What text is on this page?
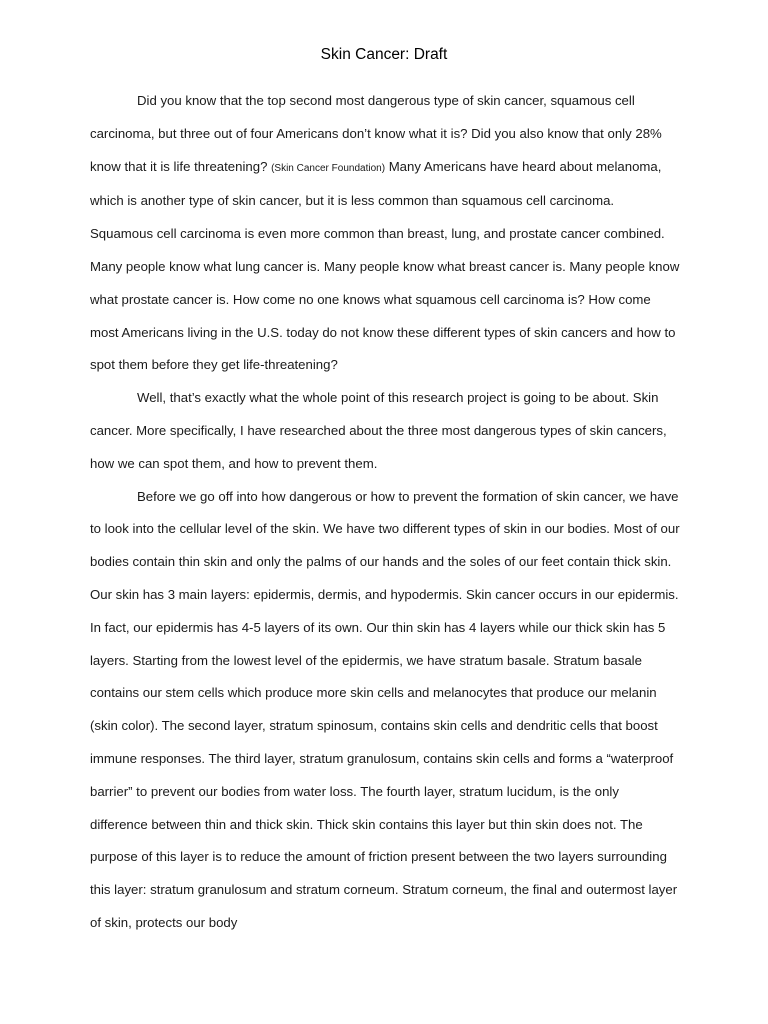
Skin Cancer: Draft

Did you know that the top second most dangerous type of skin cancer, squamous cell carcinoma, but three out of four Americans don’t know what it is? Did you also know that only 28% know that it is life threatening? (Skin Cancer Foundation) Many Americans have heard about melanoma, which is another type of skin cancer, but it is less common than squamous cell carcinoma. Squamous cell carcinoma is even more common than breast, lung, and prostate cancer combined. Many people know what lung cancer is. Many people know what breast cancer is. Many people know what prostate cancer is. How come no one knows what squamous cell carcinoma is? How come most Americans living in the U.S. today do not know these different types of skin cancers and how to spot them before they get life-threatening?

Well, that’s exactly what the whole point of this research project is going to be about. Skin cancer. More specifically, I have researched about the three most dangerous types of skin cancers, how we can spot them, and how to prevent them.

Before we go off into how dangerous or how to prevent the formation of skin cancer, we have to look into the cellular level of the skin. We have two different types of skin in our bodies. Most of our bodies contain thin skin and only the palms of our hands and the soles of our feet contain thick skin. Our skin has 3 main layers: epidermis, dermis, and hypodermis. Skin cancer occurs in our epidermis. In fact, our epidermis has 4-5 layers of its own. Our thin skin has 4 layers while our thick skin has 5 layers. Starting from the lowest level of the epidermis, we have stratum basale. Stratum basale contains our stem cells which produce more skin cells and melanocytes that produce our melanin (skin color). The second layer, stratum spinosum, contains skin cells and dendritic cells that boost immune responses. The third layer, stratum granulosum, contains skin cells and forms a “waterproof barrier” to prevent our bodies from water loss. The fourth layer, stratum lucidum, is the only difference between thin and thick skin. Thick skin contains this layer but thin skin does not. The purpose of this layer is to reduce the amount of friction present between the two layers surrounding this layer: stratum granulosum and stratum corneum. Stratum corneum, the final and outermost layer of skin, protects our body
